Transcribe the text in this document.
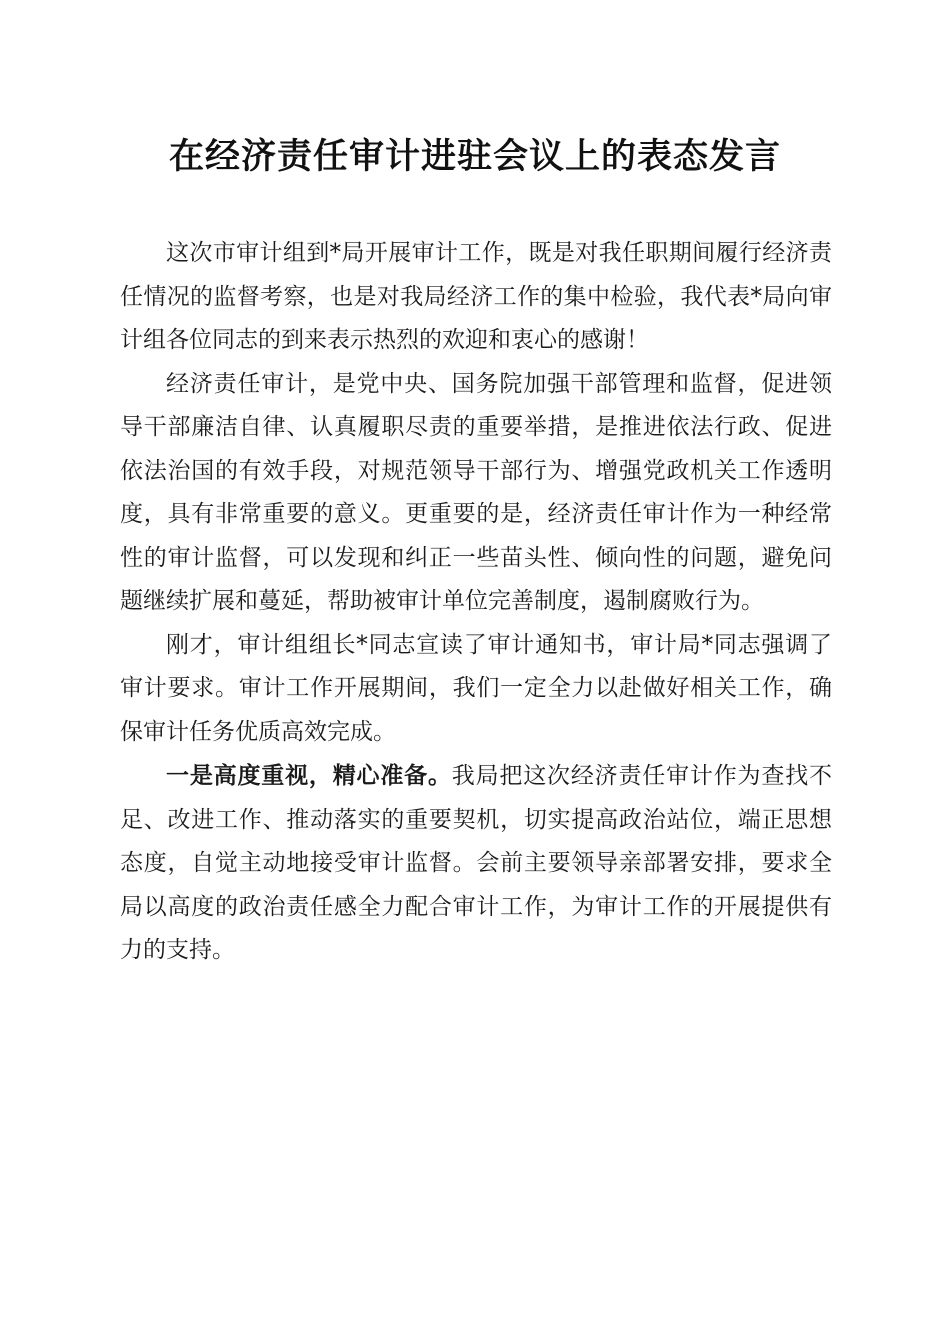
在经济责任审计进驻会议上的表态发言

这次市审计组到*局开展审计工作，既是对我任职期间履行经济责任情况的监督考察，也是对我局经济工作的集中检验，我代表*局向审计组各位同志的到来表示热烈的欢迎和衷心的感谢！

经济责任审计，是党中央、国务院加强干部管理和监督，促进领导干部廉洁自律、认真履职尽责的重要举措，是推进依法行政、促进依法治国的有效手段，对规范领导干部行为、增强党政机关工作透明度，具有非常重要的意义。更重要的是，经济责任审计作为一种经常性的审计监督，可以发现和纠正一些苗头性、倾向性的问题，避免问题继续扩展和蔓延，帮助被审计单位完善制度，遏制腐败行为。

刚才，审计组组长*同志宣读了审计通知书，审计局*同志强调了审计要求。审计工作开展期间，我们一定全力以赴做好相关工作，确保审计任务优质高效完成。

一是高度重视，精心准备。我局把这次经济责任审计作为查找不足、改进工作、推动落实的重要契机，切实提高政治站位，端正思想态度，自觉主动地接受审计监督。会前主要领导亲部署安排，要求全局以高度的政治责任感全力配合审计工作，为审计工作的开展提供有力的支持。
